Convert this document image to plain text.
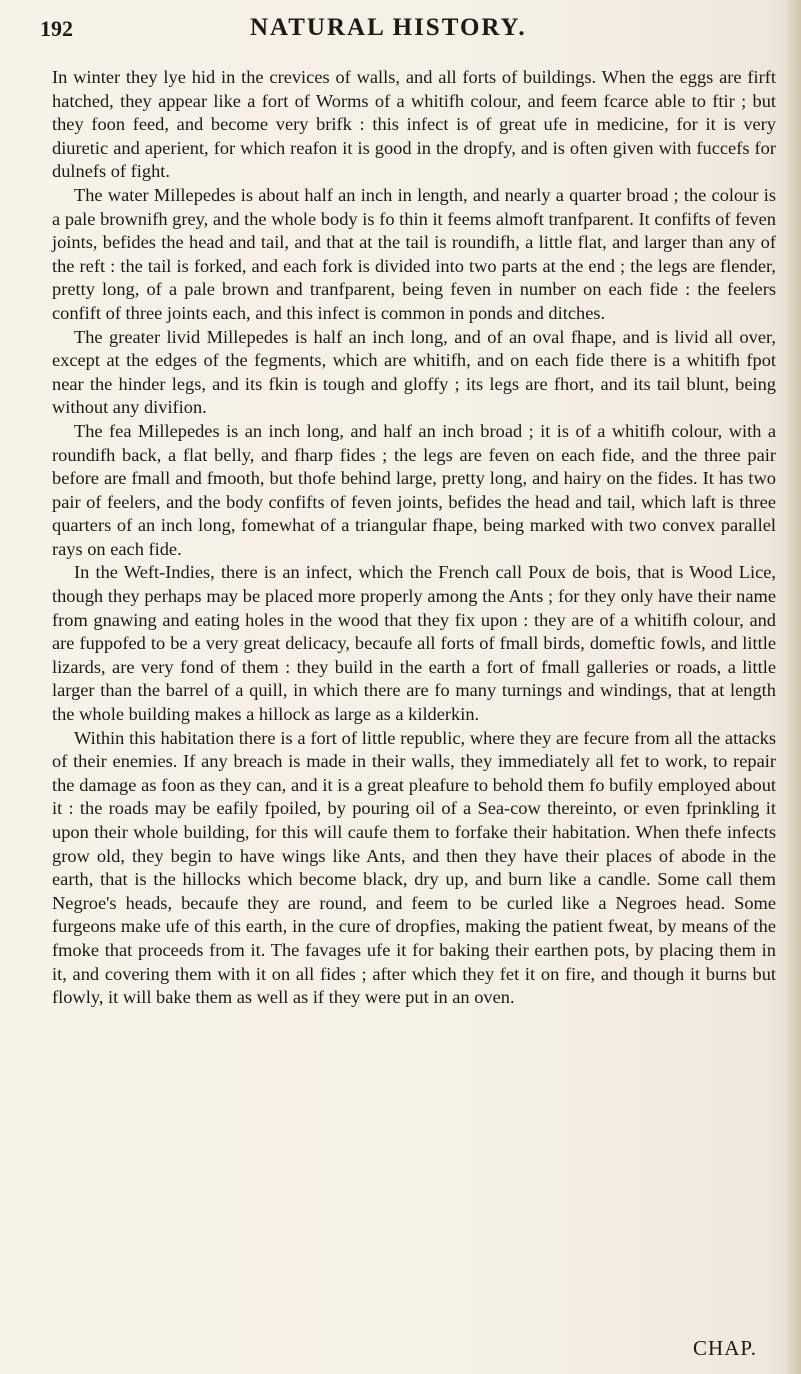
192	NATURAL HISTORY.

In winter they lye hid in the crevices of walls, and all forts of buildings. When the eggs are firft hatched, they appear like a fort of Worms of a whitifh colour, and feem fcarce able to ftir ; but they foon feed, and become very brifk : this infect is of great ufe in medicine, for it is very diuretic and aperient, for which reafon it is good in the dropfy, and is often given with fuccefs for dulnefs of fight.

The water Millepedes is about half an inch in length, and nearly a quarter broad ; the colour is a pale brownifh grey, and the whole body is fo thin it feems almoft tranfparent. It confifts of feven joints, befides the head and tail, and that at the tail is roundifh, a little flat, and larger than any of the reft : the tail is forked, and each fork is divided into two parts at the end ; the legs are flender, pretty long, of a pale brown and tranfparent, being feven in number on each fide : the feelers confift of three joints each, and this infect is common in ponds and ditches.

The greater livid Millepedes is half an inch long, and of an oval fhape, and is livid all over, except at the edges of the fegments, which are whitifh, and on each fide there is a whitifh fpot near the hinder legs, and its fkin is tough and gloffy ; its legs are fhort, and its tail blunt, being without any divifion.

The fea Millepedes is an inch long, and half an inch broad ; it is of a whitifh colour, with a roundifh back, a flat belly, and fharp fides ; the legs are feven on each fide, and the three pair before are fmall and fmooth, but thofe behind large, pretty long, and hairy on the fides. It has two pair of feelers, and the body confifts of feven joints, befides the head and tail, which laft is three quarters of an inch long, fomewhat of a triangular fhape, being marked with two convex parallel rays on each fide.

In the Weft-Indies, there is an infect, which the French call Poux de bois, that is Wood Lice, though they perhaps may be placed more properly among the Ants ; for they only have their name from gnawing and eating holes in the wood that they fix upon : they are of a whitifh colour, and are fuppofed to be a very great delicacy, becaufe all forts of fmall birds, domeftic fowls, and little lizards, are very fond of them : they build in the earth a fort of fmall galleries or roads, a little larger than the barrel of a quill, in which there are fo many turnings and windings, that at length the whole building makes a hillock as large as a kilderkin.

Within this habitation there is a fort of little republic, where they are fecure from all the attacks of their enemies. If any breach is made in their walls, they immediately all fet to work, to repair the damage as foon as they can, and it is a great pleafure to behold them fo bufily employed about it : the roads may be eafily fpoiled, by pouring oil of a Sea-cow thereinto, or even fprinkling it upon their whole building, for this will caufe them to forfake their habitation. When thefe infects grow old, they begin to have wings like Ants, and then they have their places of abode in the earth, that is the hillocks which become black, dry up, and burn like a candle. Some call them Negroe's heads, becaufe they are round, and feem to be curled like a Negroes head. Some furgeons make ufe of this earth, in the cure of dropfies, making the patient fweat, by means of the fmoke that proceeds from it. The favages ufe it for baking their earthen pots, by placing them in it, and covering them with it on all fides ; after which they fet it on fire, and though it burns but flowly, it will bake them as well as if they were put in an oven.

CHAP.
